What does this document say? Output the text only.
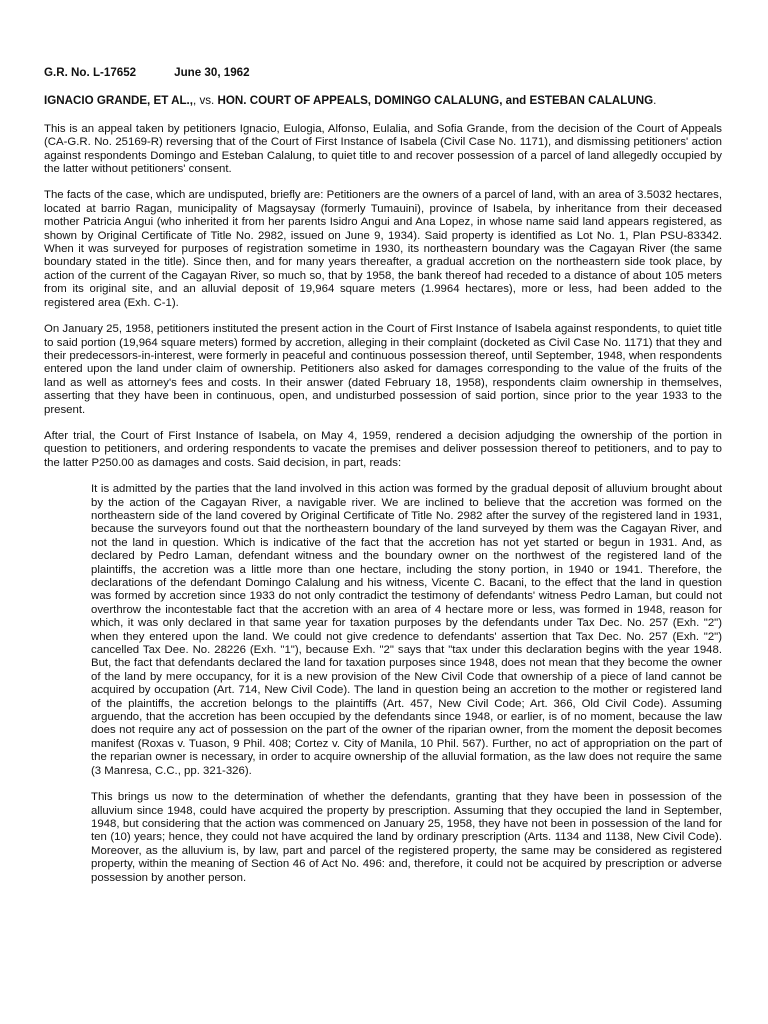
G.R. No. L-17652	June 30, 1962
IGNACIO GRANDE, ET AL.,, vs. HON. COURT OF APPEALS, DOMINGO CALALUNG, and ESTEBAN CALALUNG.

This is an appeal taken by petitioners Ignacio, Eulogia, Alfonso, Eulalia, and Sofia Grande, from the decision of the Court of Appeals (CA-G.R. No. 25169-R) reversing that of the Court of First Instance of Isabela (Civil Case No. 1171), and dismissing petitioners' action against respondents Domingo and Esteban Calalung, to quiet title to and recover possession of a parcel of land allegedly occupied by the latter without petitioners' consent.

The facts of the case, which are undisputed, briefly are: Petitioners are the owners of a parcel of land, with an area of 3.5032 hectares, located at barrio Ragan, municipality of Magsaysay (formerly Tumauini), province of Isabela, by inheritance from their deceased mother Patricia Angui (who inherited it from her parents Isidro Angui and Ana Lopez, in whose name said land appears registered, as shown by Original Certificate of Title No. 2982, issued on June 9, 1934). Said property is identified as Lot No. 1, Plan PSU-83342. When it was surveyed for purposes of registration sometime in 1930, its northeastern boundary was the Cagayan River (the same boundary stated in the title). Since then, and for many years thereafter, a gradual accretion on the northeastern side took place, by action of the current of the Cagayan River, so much so, that by 1958, the bank thereof had receded to a distance of about 105 meters from its original site, and an alluvial deposit of 19,964 square meters (1.9964 hectares), more or less, had been added to the registered area (Exh. C-1).

On January 25, 1958, petitioners instituted the present action in the Court of First Instance of Isabela against respondents, to quiet title to said portion (19,964 square meters) formed by accretion, alleging in their complaint (docketed as Civil Case No. 1171) that they and their predecessors-in-interest, were formerly in peaceful and continuous possession thereof, until September, 1948, when respondents entered upon the land under claim of ownership. Petitioners also asked for damages corresponding to the value of the fruits of the land as well as attorney's fees and costs. In their answer (dated February 18, 1958), respondents claim ownership in themselves, asserting that they have been in continuous, open, and undisturbed possession of said portion, since prior to the year 1933 to the present.

After trial, the Court of First Instance of Isabela, on May 4, 1959, rendered a decision adjudging the ownership of the portion in question to petitioners, and ordering respondents to vacate the premises and deliver possession thereof to petitioners, and to pay to the latter P250.00 as damages and costs. Said decision, in part, reads:

It is admitted by the parties that the land involved in this action was formed by the gradual deposit of alluvium brought about by the action of the Cagayan River, a navigable river. We are inclined to believe that the accretion was formed on the northeastern side of the land covered by Original Certificate of Title No. 2982 after the survey of the registered land in 1931, because the surveyors found out that the northeastern boundary of the land surveyed by them was the Cagayan River, and not the land in question. Which is indicative of the fact that the accretion has not yet started or begun in 1931. And, as declared by Pedro Laman, defendant witness and the boundary owner on the northwest of the registered land of the plaintiffs, the accretion was a little more than one hectare, including the stony portion, in 1940 or 1941. Therefore, the declarations of the defendant Domingo Calalung and his witness, Vicente C. Bacani, to the effect that the land in question was formed by accretion since 1933 do not only contradict the testimony of defendants' witness Pedro Laman, but could not overthrow the incontestable fact that the accretion with an area of 4 hectare more or less, was formed in 1948, reason for which, it was only declared in that same year for taxation purposes by the defendants under Tax Dec. No. 257 (Exh. "2") when they entered upon the land. We could not give credence to defendants' assertion that Tax Dec. No. 257 (Exh. "2") cancelled Tax Dee. No. 28226 (Exh. "1"), because Exh. "2" says that "tax under this declaration begins with the year 1948. But, the fact that defendants declared the land for taxation purposes since 1948, does not mean that they become the owner of the land by mere occupancy, for it is a new provision of the New Civil Code that ownership of a piece of land cannot be acquired by occupation (Art. 714, New Civil Code). The land in question being an accretion to the mother or registered land of the plaintiffs, the accretion belongs to the plaintiffs (Art. 457, New Civil Code; Art. 366, Old Civil Code). Assuming arguendo, that the accretion has been occupied by the defendants since 1948, or earlier, is of no moment, because the law does not require any act of possession on the part of the owner of the riparian owner, from the moment the deposit becomes manifest (Roxas v. Tuason, 9 Phil. 408; Cortez v. City of Manila, 10 Phil. 567). Further, no act of appropriation on the part of the reparian owner is necessary, in order to acquire ownership of the alluvial formation, as the law does not require the same (3 Manresa, C.C., pp. 321-326).

This brings us now to the determination of whether the defendants, granting that they have been in possession of the alluvium since 1948, could have acquired the property by prescription. Assuming that they occupied the land in September, 1948, but considering that the action was commenced on January 25, 1958, they have not been in possession of the land for ten (10) years; hence, they could not have acquired the land by ordinary prescription (Arts. 1134 and 1138, New Civil Code). Moreover, as the alluvium is, by law, part and parcel of the registered property, the same may be considered as registered property, within the meaning of Section 46 of Act No. 496: and, therefore, it could not be acquired by prescription or adverse possession by another person.
